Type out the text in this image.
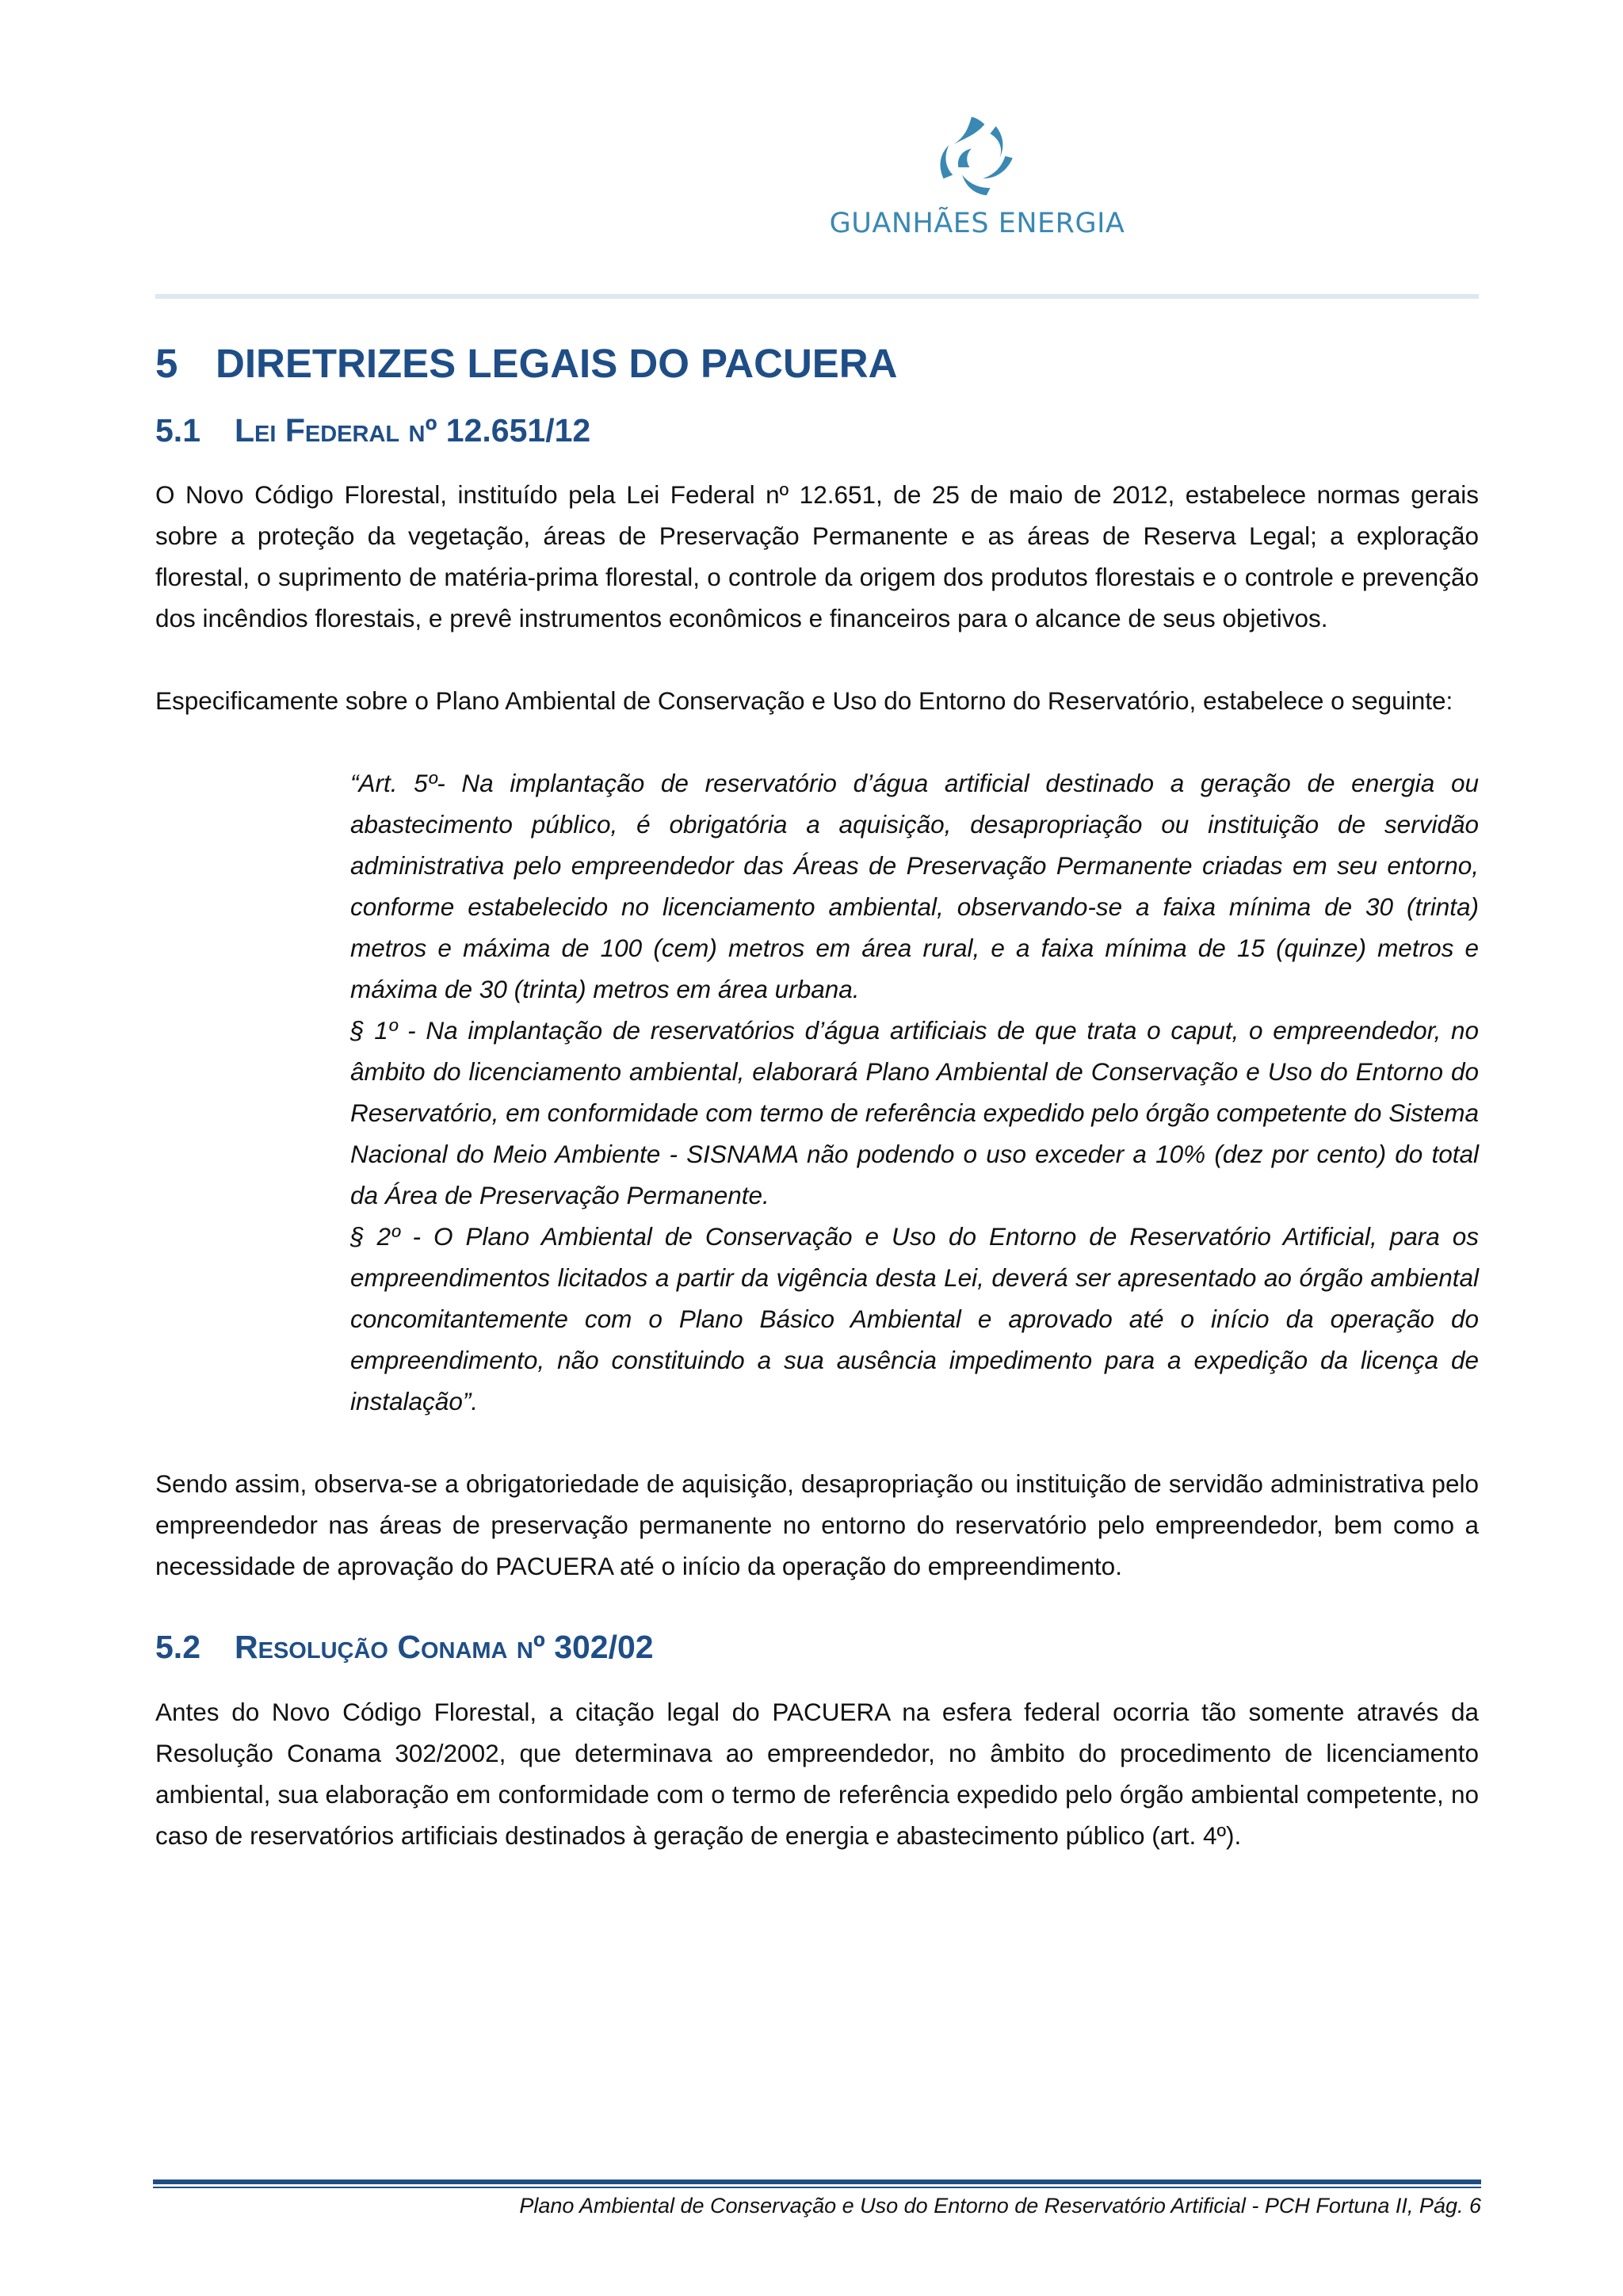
GUANHÃES ENERGIA
5 DIRETRIZES LEGAIS DO PACUERA
5.1	Lei Federal nº 12.651/12

O Novo Código Florestal, instituído pela Lei Federal nº 12.651, de 25 de maio de 2012, estabelece normas gerais sobre a proteção da vegetação, áreas de Preservação Permanente e as áreas de Reserva Legal; a exploração florestal, o suprimento de matéria-prima florestal, o controle da origem dos produtos florestais e o controle e prevenção dos incêndios florestais, e prevê instrumentos econômicos e financeiros para o alcance de seus objetivos.

Especificamente sobre o Plano Ambiental de Conservação e Uso do Entorno do Reservatório, estabelece o seguinte:

“Art. 5º- Na implantação de reservatório d’água artificial destinado a geração de energia ou abastecimento público, é obrigatória a aquisição, desapropriação ou instituição de servidão administrativa pelo empreendedor das Áreas de Preservação Permanente criadas em seu entorno, conforme estabelecido no licenciamento ambiental, observando-se a faixa mínima de 30 (trinta) metros e máxima de 100 (cem) metros em área rural, e a faixa mínima de 15 (quinze) metros e máxima de 30 (trinta) metros em área urbana.

§ 1º - Na implantação de reservatórios d’água artificiais de que trata o caput, o empreendedor, no âmbito do licenciamento ambiental, elaborará Plano Ambiental de Conservação e Uso do Entorno do Reservatório, em conformidade com termo de referência expedido pelo órgão competente do Sistema Nacional do Meio Ambiente - SISNAMA não podendo o uso exceder a 10% (dez por cento) do total da Área de Preservação Permanente.

§ 2º - O Plano Ambiental de Conservação e Uso do Entorno de Reservatório Artificial, para os empreendimentos licitados a partir da vigência desta Lei, deverá ser apresentado ao órgão ambiental concomitantemente com o Plano Básico Ambiental e aprovado até o início da operação do empreendimento, não constituindo a sua ausência impedimento para a expedição da licença de instalação”.

Sendo assim, observa-se a obrigatoriedade de aquisição, desapropriação ou instituição de servidão administrativa pelo empreendedor nas áreas de preservação permanente no entorno do reservatório pelo empreendedor, bem como a necessidade de aprovação do PACUERA até o início da operação do empreendimento.

5.2	Resolução Conama nº 302/02

Antes do Novo Código Florestal, a citação legal do PACUERA na esfera federal ocorria tão somente através da Resolução Conama 302/2002, que determinava ao empreendedor, no âmbito do procedimento de licenciamento ambiental, sua elaboração em conformidade com o termo de referência expedido pelo órgão ambiental competente, no caso de reservatórios artificiais destinados à geração de energia e abastecimento público (art. 4º).

Plano Ambiental de Conservação e Uso do Entorno de Reservatório Artificial - PCH Fortuna II, Pág. 6
